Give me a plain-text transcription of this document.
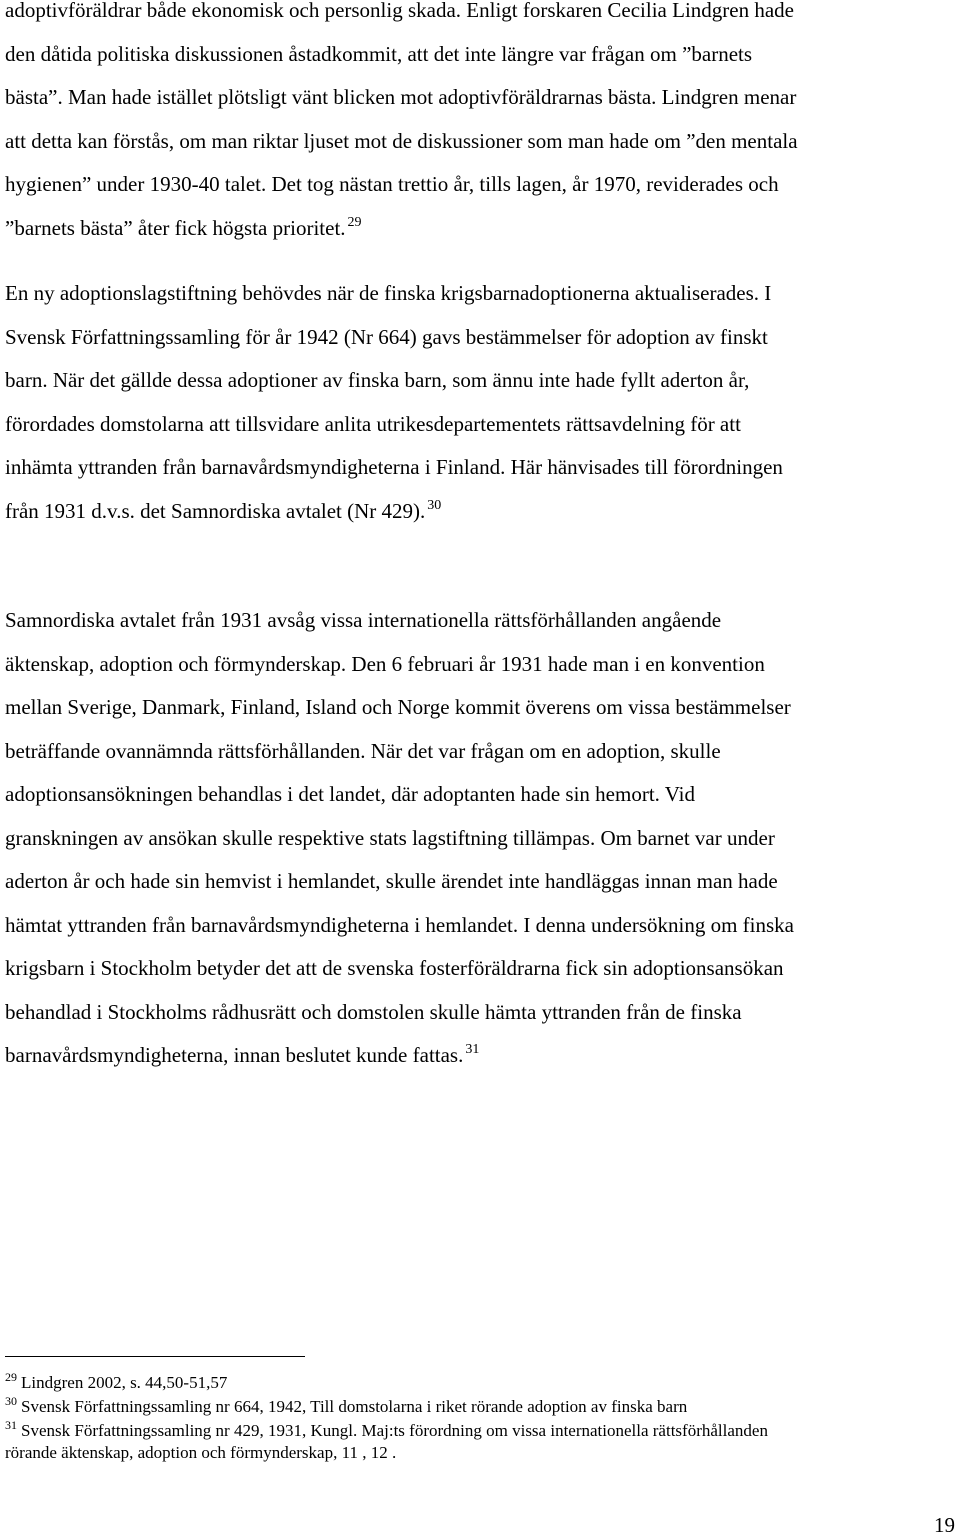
adoptivföräldrar både ekonomisk och personlig skada. Enligt forskaren Cecilia Lindgren hade
den dåtida politiska diskussionen åstadkommit, att det inte längre var frågan om ”barnets
bästa”. Man hade istället plötsligt vänt blicken mot adoptivföräldrarnas bästa. Lindgren menar
att detta kan förstås, om man riktar ljuset mot de diskussioner som man hade om ”den mentala
hygienen” under 1930-40 talet. Det tog nästan trettio år, tills lagen, år 1970, reviderades och
”barnets bästa” åter fick högsta prioritet. $^{29}$
En ny adoptionslagstiftning behövdes när de finska krigsbarnadoptionerna aktualiserades. I
Svensk Författningssamling för år 1942 (Nr 664) gavs bestämmelser för adoption av finskt
barn. När det gällde dessa adoptioner av finska barn, som ännu inte hade fyllt aderton år,
förordades domstolarna att tillsvidare anlita utrikesdepartementets rättsavdelning för att
inhämta yttranden från barnavårdsmyndigheterna i Finland. Här hänvisades till förordningen
från 1931 d.v.s. det Samnordiska avtalet (Nr 429). $^{30}$
Samnordiska avtalet från 1931 avsåg vissa internationella rättsförhållanden angående
äktenskap, adoption och förmynderskap. Den 6 februari år 1931 hade man i en konvention
mellan Sverige, Danmark, Finland, Island och Norge kommit överens om vissa bestämmelser
beträffande ovannämnda rättsförhållanden. När det var frågan om en adoption, skulle
adoptionsansökningen behandlas i det landet, där adoptanten hade sin hemort. Vid
granskningen av ansökan skulle respektive stats lagstiftning tillämpas. Om barnet var under
aderton år och hade sin hemvist i hemlandet, skulle ärendet inte handläggas innan man hade
hämtat yttranden från barnavårdsmyndigheterna i hemlandet. I denna undersökning om finska
krigsbarn i Stockholm betyder det att de svenska fosterföräldrarna fick sin adoptionsansökan
behandlad i Stockholms rådhusrätt och domstolen skulle hämta yttranden från de finska
barnavårdsmyndigheterna, innan beslutet kunde fattas. $^{31}$
$^{29}$ Lindgren 2002, s. 44,50-51,57
$^{30}$ Svensk Författningssamling nr 664, 1942, Till domstolarna i riket rörande adoption av finska barn
$^{31}$ Svensk Författningssamling nr 429, 1931, Kungl. Maj:ts förordning om vissa internationella rättsförhållanden
rörande äktenskap, adoption och förmynderskap, 11 , 12 .
19
